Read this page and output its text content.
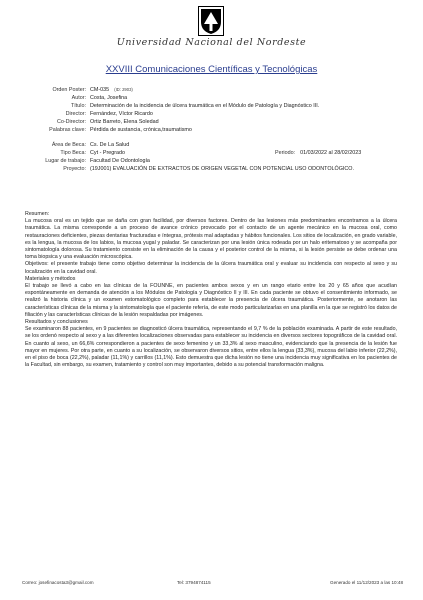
Universidad Nacional del Nordeste
XXVIII Comunicaciones Científicas y Tecnológicas
Orden Poster: CM-035 (ID: 2903)
Autor: Costa, Josefina
Título: Determinación de la incidencia de úlcera traumática en el Módulo de Patología y Diagnóstico III.
Director: Fernández, Víctor Ricardo
Co-Director: Ortiz Barreto, Elena Soledad
Palabras clave: Pérdida de sustancia, crónica,traumatismo
Área de Beca: Cs. De La Salud
Tipo Beca: Cyt - Pregrado	Periodo: 01/03/2022 al 28/02/2023
Lugar de trabajo: Facultad De Odontología
Proyecto: (19J001) EVALUACIÓN DE EXTRACTOS DE ORIGEN VEGETAL CON POTENCIAL USO ODONTOLÓGICO.

Resumen:

La mucosa oral es un tejido que se daña con gran facilidad, por diversos factores. Dentro de las lesiones más predominantes encontramos a la úlcera traumática. La misma corresponde a un proceso de avance crónico provocado por el contacto de un agente mecánico en la mucosa oral, como restauraciones deficientes, piezas dentarias fracturadas e íntegras, prótesis mal adaptadas y hábitos funcionales. Los sitios de localización, en grado variable, es la lengua, la mucosa de los labios, la mucosa yugal y paladar. Se caracterizan por una lesión única rodeada por un halo eritematoso y se acompaña por sintomatología dolorosa. Su tratamiento consiste en la eliminación de la causa y el posterior control de la misma, si la lesión persiste se debe ordenar una toma biopsica y una evaluación microscópica.

Objetivos: el presente trabajo tiene como objetivo determinar la incidencia de la úlcera traumática oral y evaluar su incidencia con respecto al sexo y su localización en la cavidad oral.

Materiales y métodos

El trabajo se llevó a cabo en las clínicas de la FOUNNE, en pacientes ambos sexos y en un rango etario entre los 20 y 65 años que acudían espontáneamente en demanda de atención a los Módulos de Patología y Diagnóstico II y III. En cada paciente se obtuvo el consentimiento informado, se realizó la historia clínica y un examen estomatológico completo para establecer la presencia de úlcera traumática. Posteriormente, se anotaron las características clínicas de la misma y la sintomatología que el paciente refería, de este modo particularizarlas en una planilla en la que se registró los datos de filiación y las características clínicas de la lesión respaldadas por imágenes.

Resultados y conclusiones

Se examinaron 88 pacientes, en 9 pacientes se diagnosticó úlcera traumática, representando el 9,7 % de la población examinada. A partir de este resultado, se los ordenó respecto al sexo y a las diferentes localizaciones observadas para establecer su incidencia en diversos sectores topográficos de la cavidad oral. En cuanto al sexo, un 66,6% correspondieron a pacientes de sexo femenino y un 33,3% al sexo masculino, evidenciando que la presencia de la lesión fue mayor en mujeres. Por otra parte, en cuanto a su localización, se observaron diversos sitios, entre ellos la lengua (33,3%), mucosa del labio inferior (22,2%), en el piso de boca (22,2%), paladar (11,1%) y carrillos (11,1%). Esto demuestra que dicha lesión no tiene una incidencia muy significativa en los pacientes de la Facultad, sin embargo, su examen, tratamiento y control son muy importantes, debido a su potencial transformación maligna.

Correo: josefinacosta3@gmail.com	Tel: 3794874115	Generado el 11/12/2023 a las 10:48
